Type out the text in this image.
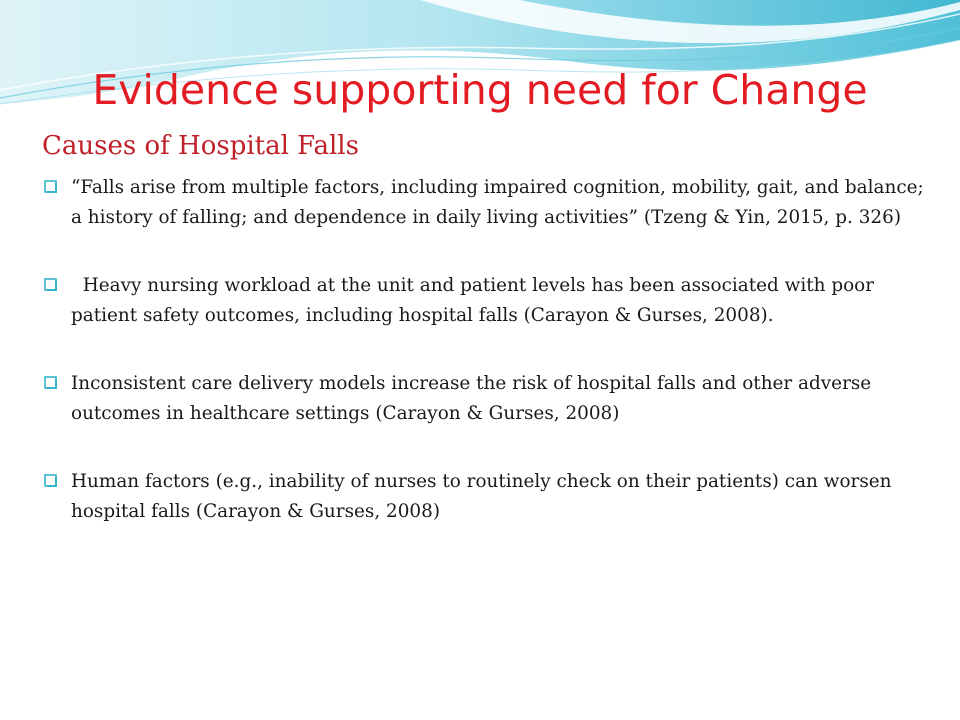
Evidence supporting need for Change
Causes of Hospital Falls
“Falls arise from multiple factors, including impaired cognition, mobility, gait, and balance; a history of falling; and dependence in daily living activities” (Tzeng & Yin, 2015, p. 326)
Heavy nursing workload at the unit and patient levels has been associated with poor patient safety outcomes, including hospital falls (Carayon & Gurses, 2008).
Inconsistent care delivery models increase the risk of hospital falls and other adverse outcomes in healthcare settings (Carayon & Gurses, 2008)
Human factors (e.g., inability of nurses to routinely check on their patients) can worsen hospital falls (Carayon & Gurses, 2008)
